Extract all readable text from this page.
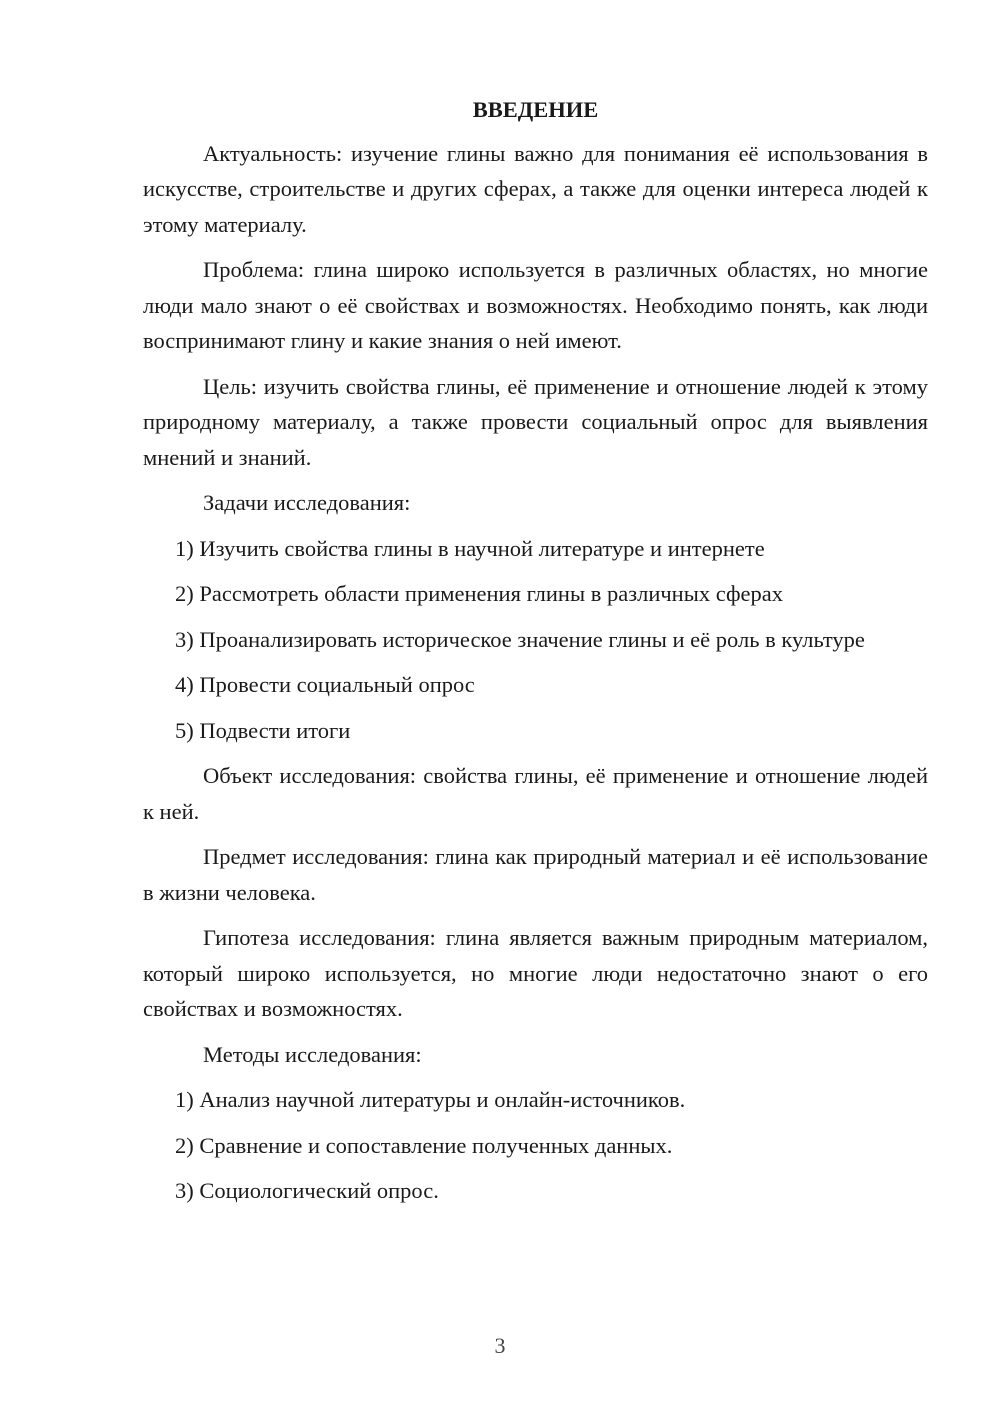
ВВЕДЕНИЕ

Актуальность: изучение глины важно для понимания её использования в искусстве, строительстве и других сферах, а также для оценки интереса людей к этому материалу.

Проблема: глина широко используется в различных областях, но многие люди мало знают о её свойствах и возможностях. Необходимо понять, как люди воспринимают глину и какие знания о ней имеют.

Цель: изучить свойства глины, её применение и отношение людей к этому природному материалу, а также провести социальный опрос для выявления мнений и знаний.

Задачи исследования:

1) Изучить свойства глины в научной литературе и интернете

2) Рассмотреть области применения глины в различных сферах

3) Проанализировать историческое значение глины и её роль в культуре

4) Провести социальный опрос

5) Подвести итоги

Объект исследования: свойства глины, её применение и отношение людей к ней.

Предмет исследования: глина как природный материал и её использование в жизни человека.

Гипотеза исследования: глина является важным природным материалом, который широко используется, но многие люди недостаточно знают о его свойствах и возможностях.

Методы исследования:

1) Анализ научной литературы и онлайн-источников.

2) Сравнение и сопоставление полученных данных.

3) Социологический опрос.

3
